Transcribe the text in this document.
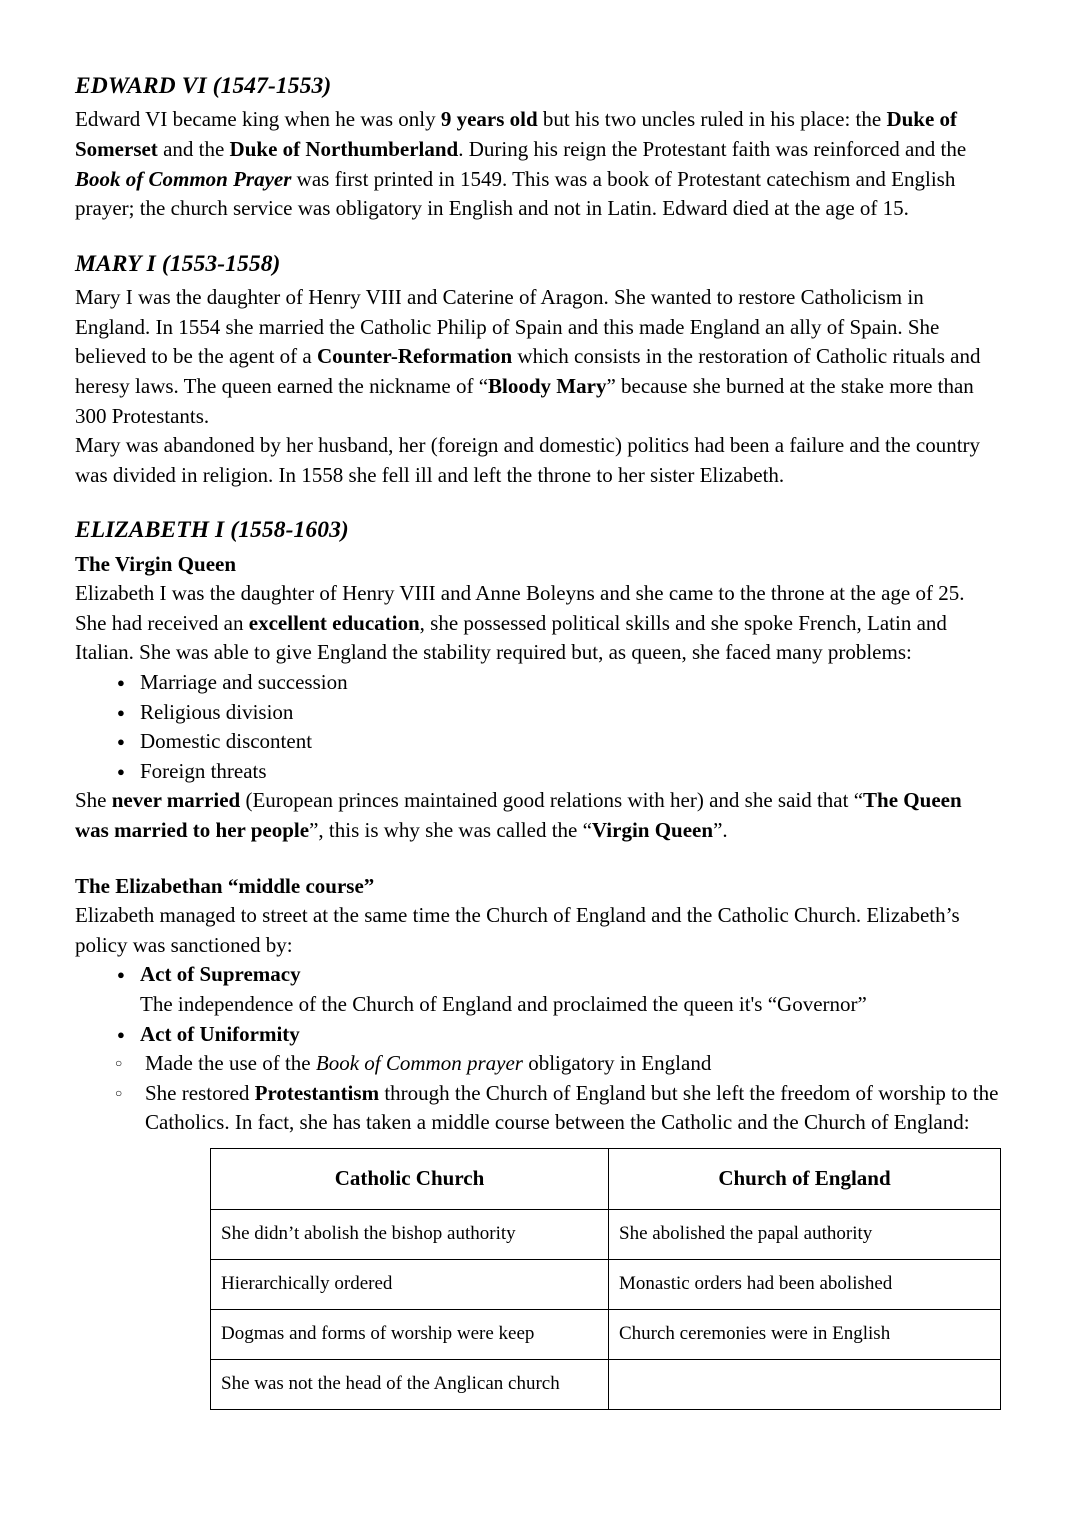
EDWARD VI (1547-1553)

Edward VI became king when he was only 9 years old but his two uncles ruled in his place: the Duke of Somerset and the Duke of Northumberland. During his reign the Protestant faith was reinforced and the Book of Common Prayer was first printed in 1549. This was a book of Protestant catechism and English prayer; the church service was obligatory in English and not in Latin. Edward died at the age of 15.

MARY I (1553-1558)

Mary I was the daughter of Henry VIII and Caterine of Aragon. She wanted to restore Catholicism in England. In 1554 she married the Catholic Philip of Spain and this made England an ally of Spain. She believed to be the agent of a Counter-Reformation which consists in the restoration of Catholic rituals and heresy laws. The queen earned the nickname of “Bloody Mary” because she burned at the stake more than 300 Protestants.

Mary was abandoned by her husband, her (foreign and domestic) politics had been a failure and the country was divided in religion. In 1558 she fell ill and left the throne to her sister Elizabeth.

ELIZABETH I (1558-1603)
The Virgin Queen

Elizabeth I was the daughter of Henry VIII and Anne Boleyns and she came to the throne at the age of 25. She had received an excellent education, she possessed political skills and she spoke French, Latin and Italian. She was able to give England the stability required but, as queen, she faced many problems:

● Marriage and succession
● Religious division
● Domestic discontent
● Foreign threats

She never married (European princes maintained good relations with her) and she said that “The Queen was married to her people”, this is why she was called the “Virgin Queen”.

The Elizabethan “middle course”

Elizabeth managed to street at the same time the Church of England and the Catholic Church. Elizabeth’s policy was sanctioned by:

● Act of Supremacy
The independence of the Church of England and proclaimed the queen it's “Governor”
● Act of Uniformity
○ Made the use of the Book of Common prayer obligatory in England
○ She restored Protestantism through the Church of England but she left the freedom of worship to the Catholics. In fact, she has taken a middle course between the Catholic and the Church of England:
Catholic Church	Church of England
She didn’t abolish the bishop authority	She abolished the papal authority
Hierarchically ordered	Monastic orders had been abolished
Dogmas and forms of worship were keep	Church ceremonies were in English
She was not the head of the Anglican church	
